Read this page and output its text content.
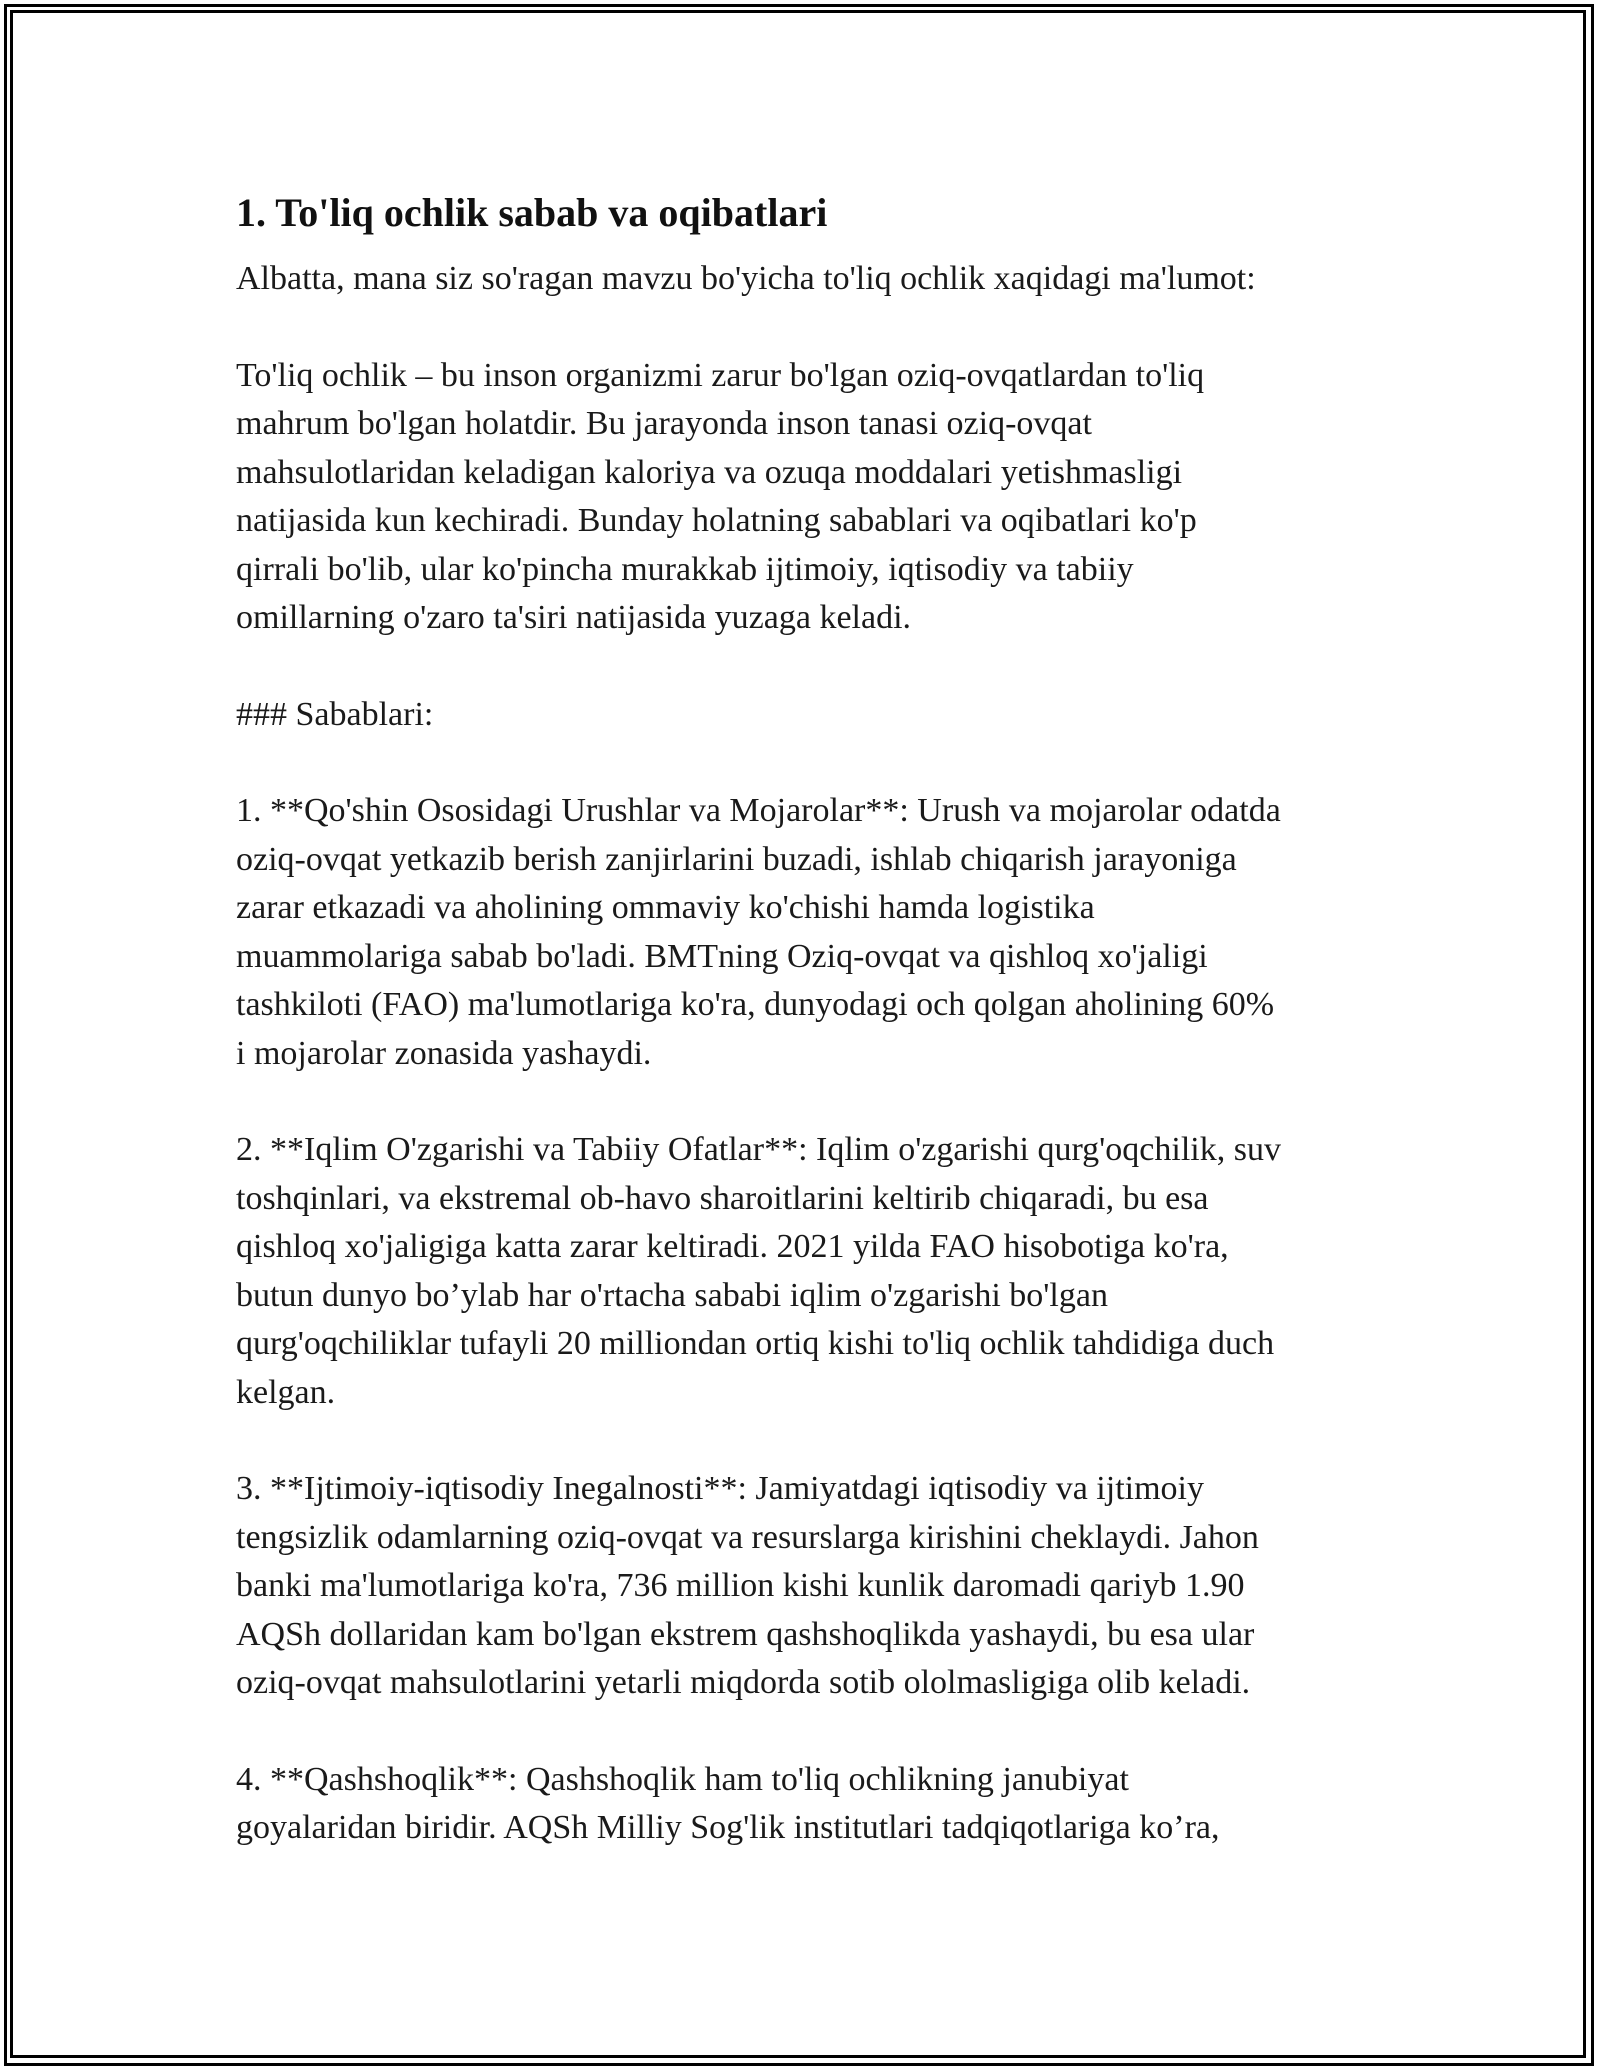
1. To'liq ochlik sabab va oqibatlari

Albatta, mana siz so'ragan mavzu bo'yicha to'liq ochlik xaqidagi ma'lumot:

To'liq ochlik – bu inson organizmi zarur bo'lgan oziq-ovqatlardan to'liq
mahrum bo'lgan holatdir. Bu jarayonda inson tanasi oziq-ovqat
mahsulotlaridan keladigan kaloriya va ozuqa moddalari yetishmasligi
natijasida kun kechiradi. Bunday holatning sabablari va oqibatlari ko'p
qirrali bo'lib, ular ko'pincha murakkab ijtimoiy, iqtisodiy va tabiiy
omillarning o'zaro ta'siri natijasida yuzaga keladi.

### Sabablari:

1. **Qo'shin Ososidagi Urushlar va Mojarolar**: Urush va mojarolar odatda
oziq-ovqat yetkazib berish zanjirlarini buzadi, ishlab chiqarish jarayoniga
zarar etkazadi va aholining ommaviy ko'chishi hamda logistika
muammolariga sabab bo'ladi. BMTning Oziq-ovqat va qishloq xo'jaligi
tashkiloti (FAO) ma'lumotlariga ko'ra, dunyodagi och qolgan aholining 60%
i mojarolar zonasida yashaydi.

2. **Iqlim O'zgarishi va Tabiiy Ofatlar**: Iqlim o'zgarishi qurg'oqchilik, suv
toshqinlari, va ekstremal ob-havo sharoitlarini keltirib chiqaradi, bu esa
qishloq xo'jaligiga katta zarar keltiradi. 2021 yilda FAO hisobotiga ko'ra,
butun dunyo bo’ylab har o'rtacha sababi iqlim o'zgarishi bo'lgan
qurg'oqchiliklar tufayli 20 milliondan ortiq kishi to'liq ochlik tahdidiga duch
kelgan.

3. **Ijtimoiy-iqtisodiy Inegalnosti**: Jamiyatdagi iqtisodiy va ijtimoiy
tengsizlik odamlarning oziq-ovqat va resurslarga kirishini cheklaydi. Jahon
banki ma'lumotlariga ko'ra, 736 million kishi kunlik daromadi qariyb 1.90
AQSh dollaridan kam bo'lgan ekstrem qashshoqlikda yashaydi, bu esa ular
oziq-ovqat mahsulotlarini yetarli miqdorda sotib ololmasligiga olib keladi.

4. **Qashshoqlik**: Qashshoqlik ham to'liq ochlikning janubiyat
goyalaridan biridir. AQSh Milliy Sog'lik institutlari tadqiqotlariga ko’ra,
